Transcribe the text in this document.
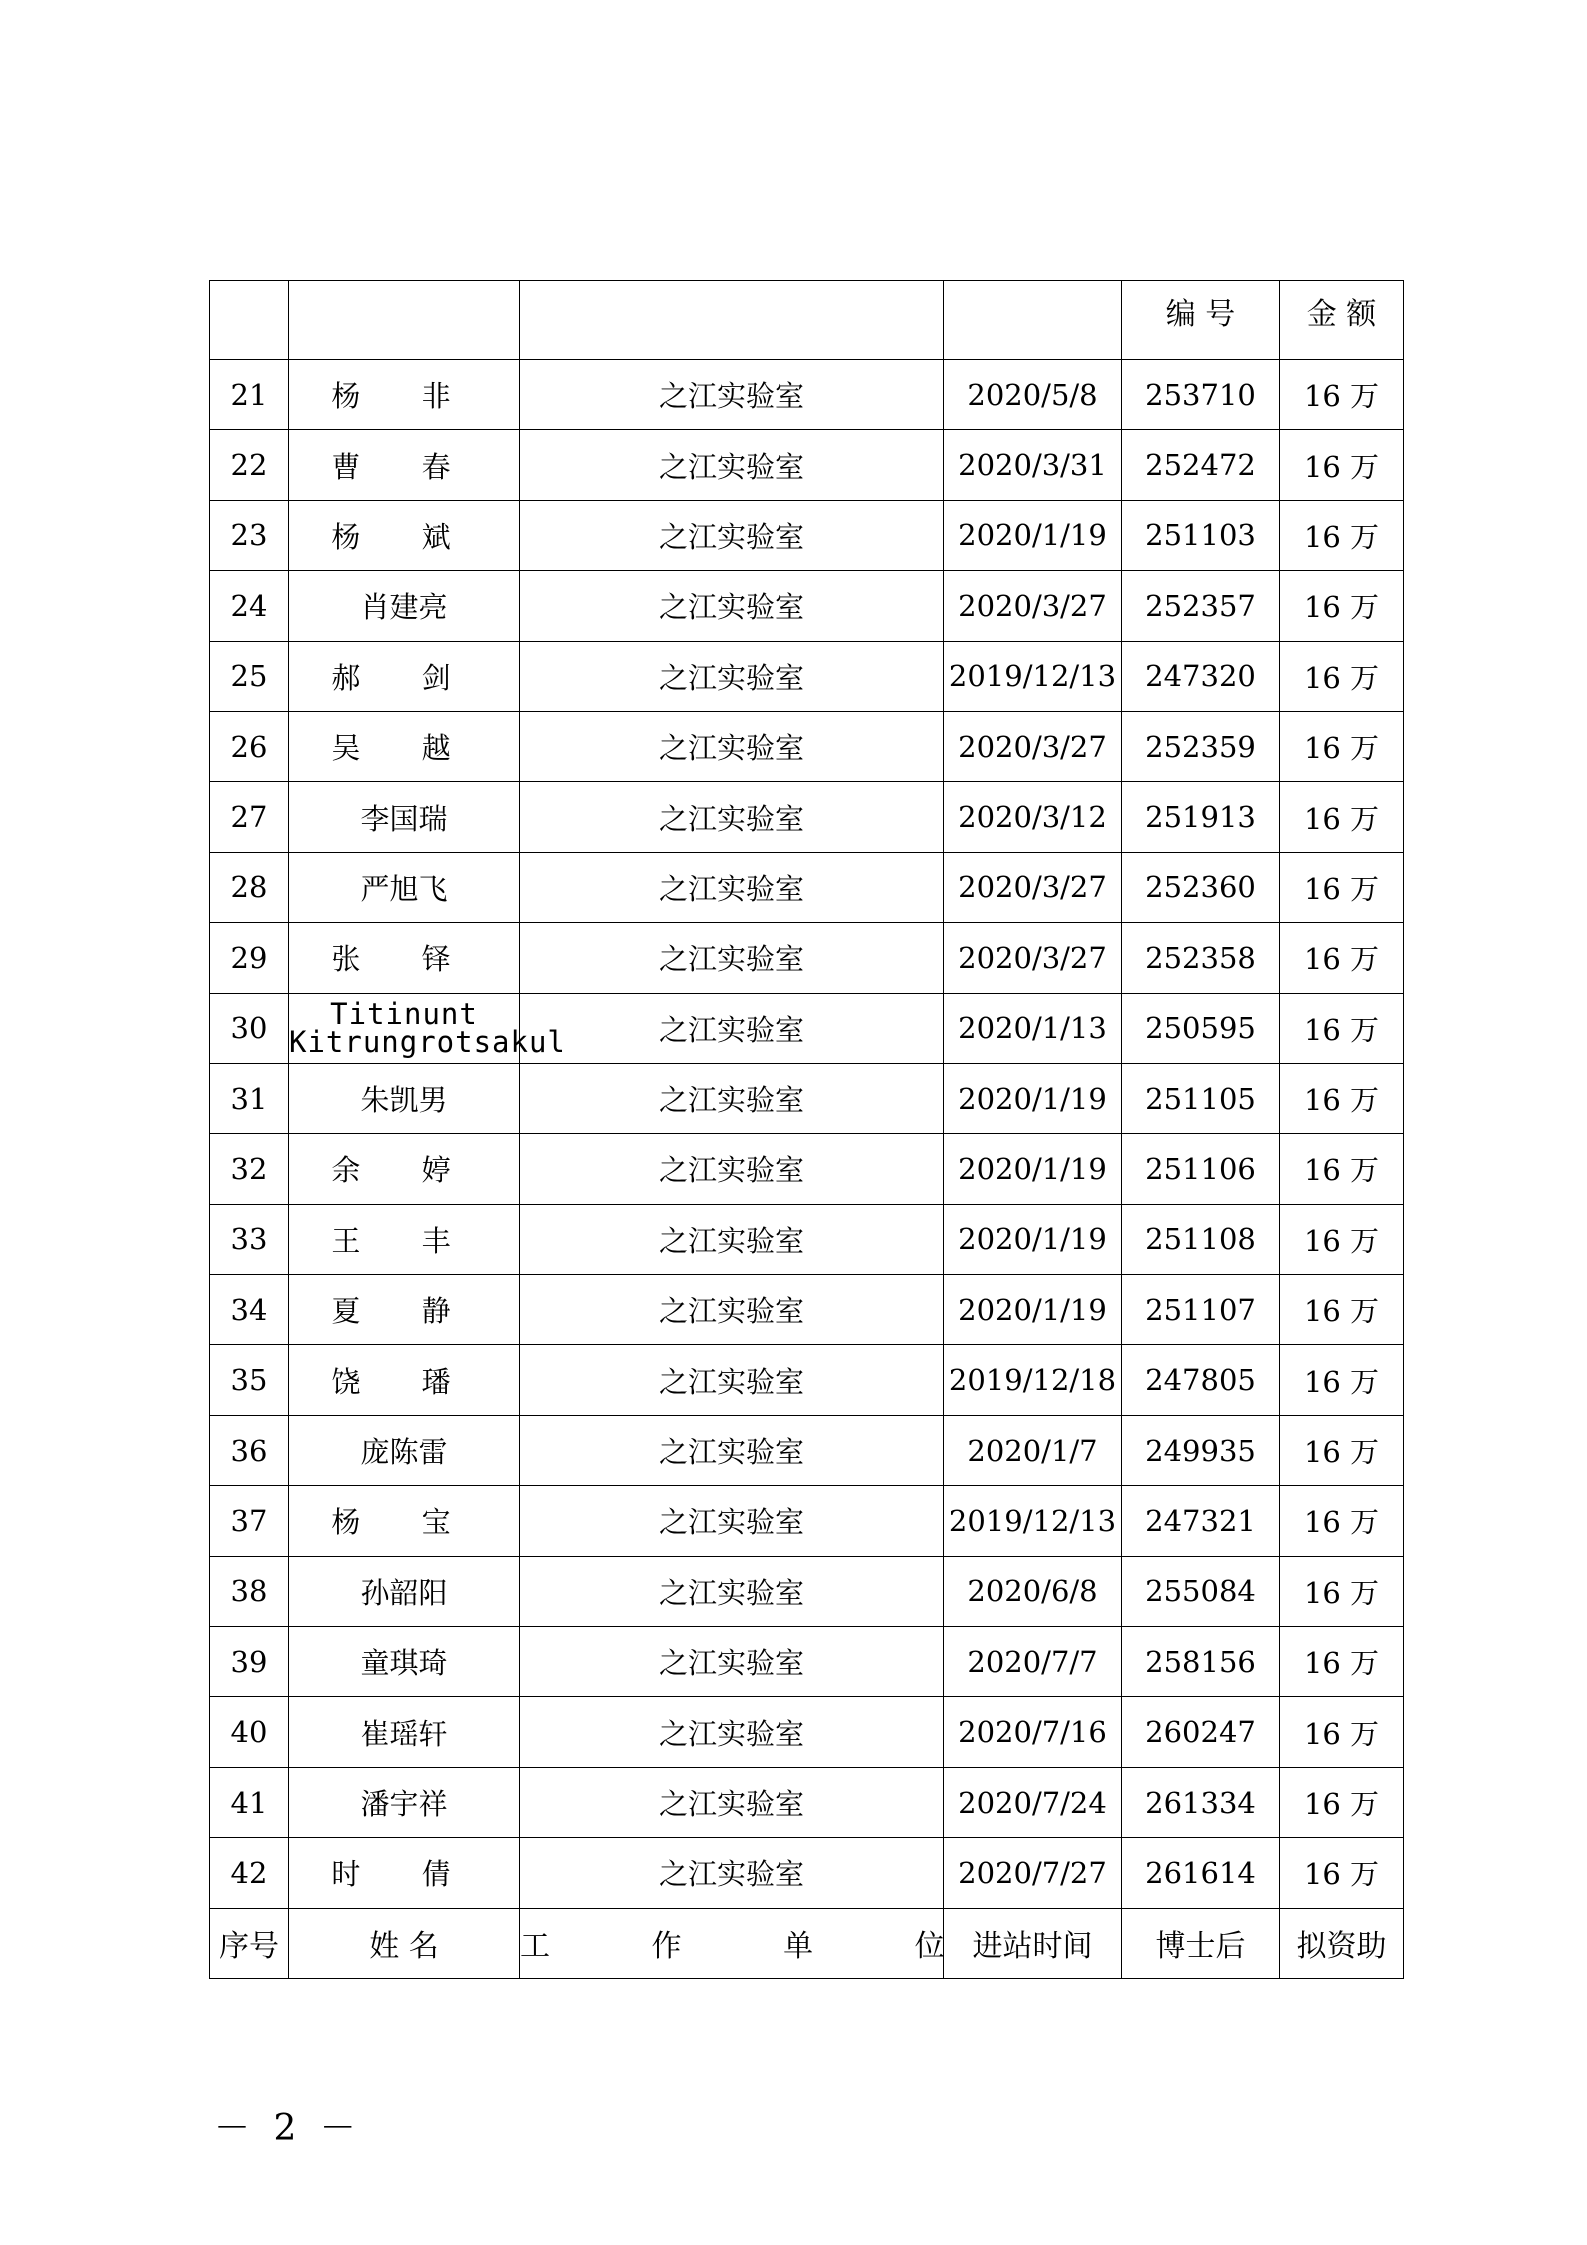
				编 号	金 额
21	杨 非	之江实验室	2020/5/8	253710	16 万
22	曹 春	之江实验室	2020/3/31	252472	16 万
23	杨 斌	之江实验室	2020/1/19	251103	16 万
24	肖建亮	之江实验室	2020/3/27	252357	16 万
25	郝 剑	之江实验室	2019/12/13	247320	16 万
26	吴 越	之江实验室	2020/3/27	252359	16 万
27	李国瑞	之江实验室	2020/3/12	251913	16 万
28	严旭飞	之江实验室	2020/3/27	252360	16 万
29	张 铎	之江实验室	2020/3/27	252358	16 万
30	Titinunt
Kitrungrotsakul	之江实验室	2020/1/13	250595	16 万
31	朱凯男	之江实验室	2020/1/19	251105	16 万
32	余 婷	之江实验室	2020/1/19	251106	16 万
33	王 丰	之江实验室	2020/1/19	251108	16 万
34	夏 静	之江实验室	2020/1/19	251107	16 万
35	饶 璠	之江实验室	2019/12/18	247805	16 万
36	庞陈雷	之江实验室	2020/1/7	249935	16 万
37	杨 宝	之江实验室	2019/12/13	247321	16 万
38	孙韶阳	之江实验室	2020/6/8	255084	16 万
39	童琪琦	之江实验室	2020/7/7	258156	16 万
40	崔瑶轩	之江实验室	2020/7/16	260247	16 万
41	潘宇祥	之江实验室	2020/7/24	261334	16 万
42	时 倩	之江实验室	2020/7/27	261614	16 万
序号	姓 名	工 作 单 位	进站时间	博士后	拟资助
－ 2 －
